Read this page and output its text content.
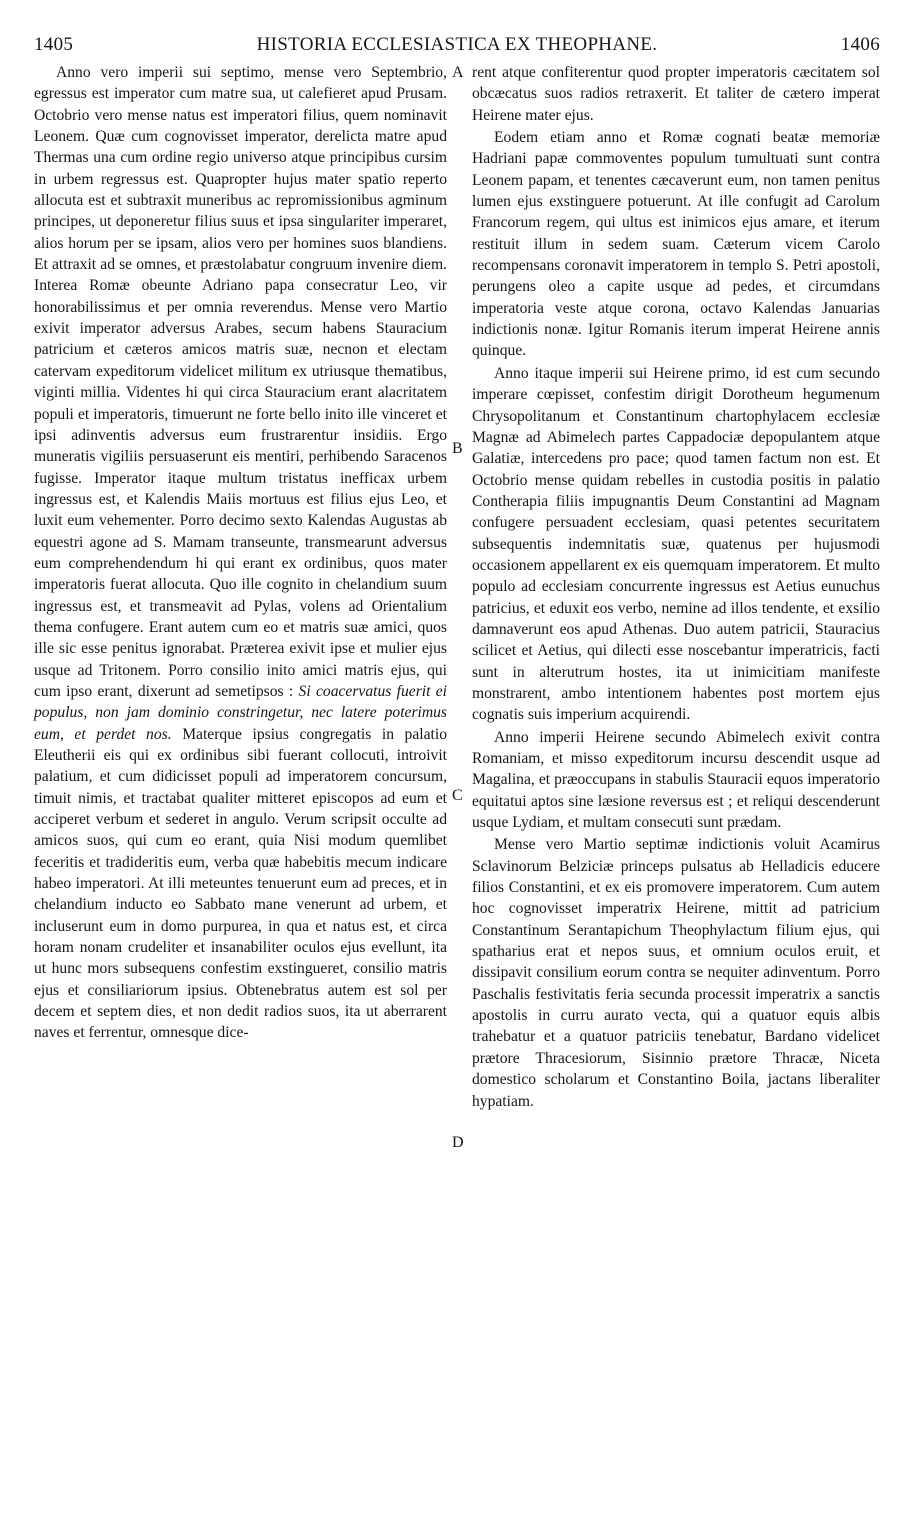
1405	HISTORIA ECCLESIASTICA EX THEOPHANE.	1406

Anno vero imperii sui septimo, mense vero Septembrio, egressus est imperator cum matre sua, ut calefieret apud Prusam. Octobrio vero mense natus est imperatori filius, quem nominavit Leonem. Quæ cum cognovisset imperator, derelicta matre apud Thermas una cum ordine regio universo atque principibus cursim in urbem regressus est. Quapropter hujus mater spatio reperto allocuta est et subtraxit muneribus ac repromissionibus agminum principes, ut deponeretur filius suus et ipsa singulariter imperaret, alios horum per se ipsam, alios vero per homines suos blandiens. Et attraxit ad se omnes, et præstolabatur congruum invenire diem. Interea Romæ obeunte Adriano papa consecratur Leo, vir honorabilissimus et per omnia reverendus. Mense vero Martio exivit imperator adversus Arabes, secum habens Stauracium patricium et cæteros amicos matris suæ, necnon et electam catervam expeditorum videlicet militum ex utriusque thematibus, viginti millia. Videntes hi qui circa Stauracium erant alacritatem populi et imperatoris, timuerunt ne forte bello inito ille vinceret et ipsi adinventis adversus eum frustrarentur insidiis. Ergo muneratis vigiliis persuaserunt eis mentiri, perhibendo Saracenos fugisse. Imperator itaque multum tristatus inefficax urbem ingressus est, et Kalendis Maiis mortuus est filius ejus Leo, et luxit eum vehementer. Porro decimo sexto Kalendas Augustas ab equestri agone ad S. Mamam transeunte, transmearunt adversus eum comprehendendum hi qui erant ex ordinibus, quos mater imperatoris fuerat allocuta. Quo ille cognito in chelandium suum ingressus est, et transmeavit ad Pylas, volens ad Orientalium thema confugere. Erant autem cum eo et matris suæ amici, quos ille sic esse penitus ignorabat. Præterea exivit ipse et mulier ejus usque ad Tritonem. Porro consilio inito amici matris ejus, qui cum ipso erant, dixerunt ad semetipsos : Si coacervatus fuerit ei populus, non jam dominio constringetur, nec latere poterimus eum, et perdet nos. Materque ipsius congregatis in palatio Eleutherii eis qui ex ordinibus sibi fuerant collocuti, introivit palatium, et cum didicisset populi ad imperatorem concursum, timuit nimis, et tractabat qualiter mitteret episcopos ad eum et acciperet verbum et sederet in angulo. Verum scripsit occulte ad amicos suos, qui cum eo erant, quia Nisi modum quemlibet feceritis et tradideritis eum, verba quæ habebitis mecum indicare habeo imperatori. At illi meteuntes tenuerunt eum ad preces, et in chelandium inducto eo Sabbato mane venerunt ad urbem, et incluserunt eum in domo purpurea, in qua et natus est, et circa horam nonam crudeliter et insanabiliter oculos ejus evellunt, ita ut hunc mors subsequens confestim exstingueret, consilio matris ejus et consiliariorum ipsius. Obtenebratus autem est sol per decem et septem dies, et non dedit radios suos, ita ut aberrarent naves et ferrentur, omnesque dice-

A
B
C
D

rent atque confiterentur quod propter imperatoris cæcitatem sol obcæcatus suos radios retraxerit. Et taliter de cætero imperat Heirene mater ejus.

Eodem etiam anno et Romæ cognati beatæ memoriæ Hadriani papæ commoventes populum tumultuati sunt contra Leonem papam, et tenentes cæcaverunt eum, non tamen penitus lumen ejus exstinguere potuerunt. At ille confugit ad Carolum Francorum regem, qui ultus est inimicos ejus amare, et iterum restituit illum in sedem suam. Cæterum vicem Carolo recompensans coronavit imperatorem in templo S. Petri apostoli, perungens oleo a capite usque ad pedes, et circumdans imperatoria veste atque corona, octavo Kalendas Januarias indictionis nonæ. Igitur Romanis iterum imperat Heirene annis quinque.

Anno itaque imperii sui Heirene primo, id est cum secundo imperare cœpisset, confestim dirigit Dorotheum hegumenum Chrysopolitanum et Constantinum chartophylacem ecclesiæ Magnæ ad Abimelech partes Cappadociæ depopulantem atque Galatiæ, intercedens pro pace; quod tamen factum non est. Et Octobrio mense quidam rebelles in custodia positis in palatio Contherapia filiis impugnantis Deum Constantini ad Magnam confugere persuadent ecclesiam, quasi petentes securitatem subsequentis indemnitatis suæ, quatenus per hujusmodi occasionem appellarent ex eis quemquam imperatorem. Et multo populo ad ecclesiam concurrente ingressus est Aetius eunuchus patricius, et eduxit eos verbo, nemine ad illos tendente, et exsilio damnaverunt eos apud Athenas. Duo autem patricii, Stauracius scilicet et Aetius, qui dilecti esse noscebantur imperatricis, facti sunt in alterutrum hostes, ita ut inimicitiam manifeste monstrarent, ambo intentionem habentes post mortem ejus cognatis suis imperium acquirendi.

Anno imperii Heirene secundo Abimelech exivit contra Romaniam, et misso expeditorum incursu descendit usque ad Magalina, et præoccupans in stabulis Stauracii equos imperatorio equitatui aptos sine læsione reversus est ; et reliqui descenderunt usque Lydiam, et multam consecuti sunt prædam.

Mense vero Martio septimæ indictionis voluit Acamirus Sclavinorum Belziciæ princeps pulsatus ab Helladicis educere filios Constantini, et ex eis promovere imperatorem. Cum autem hoc cognovisset imperatrix Heirene, mittit ad patricium Constantinum Serantapichum Theophylactum filium ejus, qui spatharius erat et nepos suus, et omnium oculos eruit, et dissipavit consilium eorum contra se nequiter adinventum. Porro Paschalis festivitatis feria secunda processit imperatrix a sanctis apostolis in curru aurato vecta, qui a quatuor equis albis trahebatur et a quatuor patriciis tenebatur, Bardano videlicet prætore Thracesiorum, Sisinnio prætore Thracæ, Niceta domestico scholarum et Constantino Boila, jactans liberaliter hypatiam.
